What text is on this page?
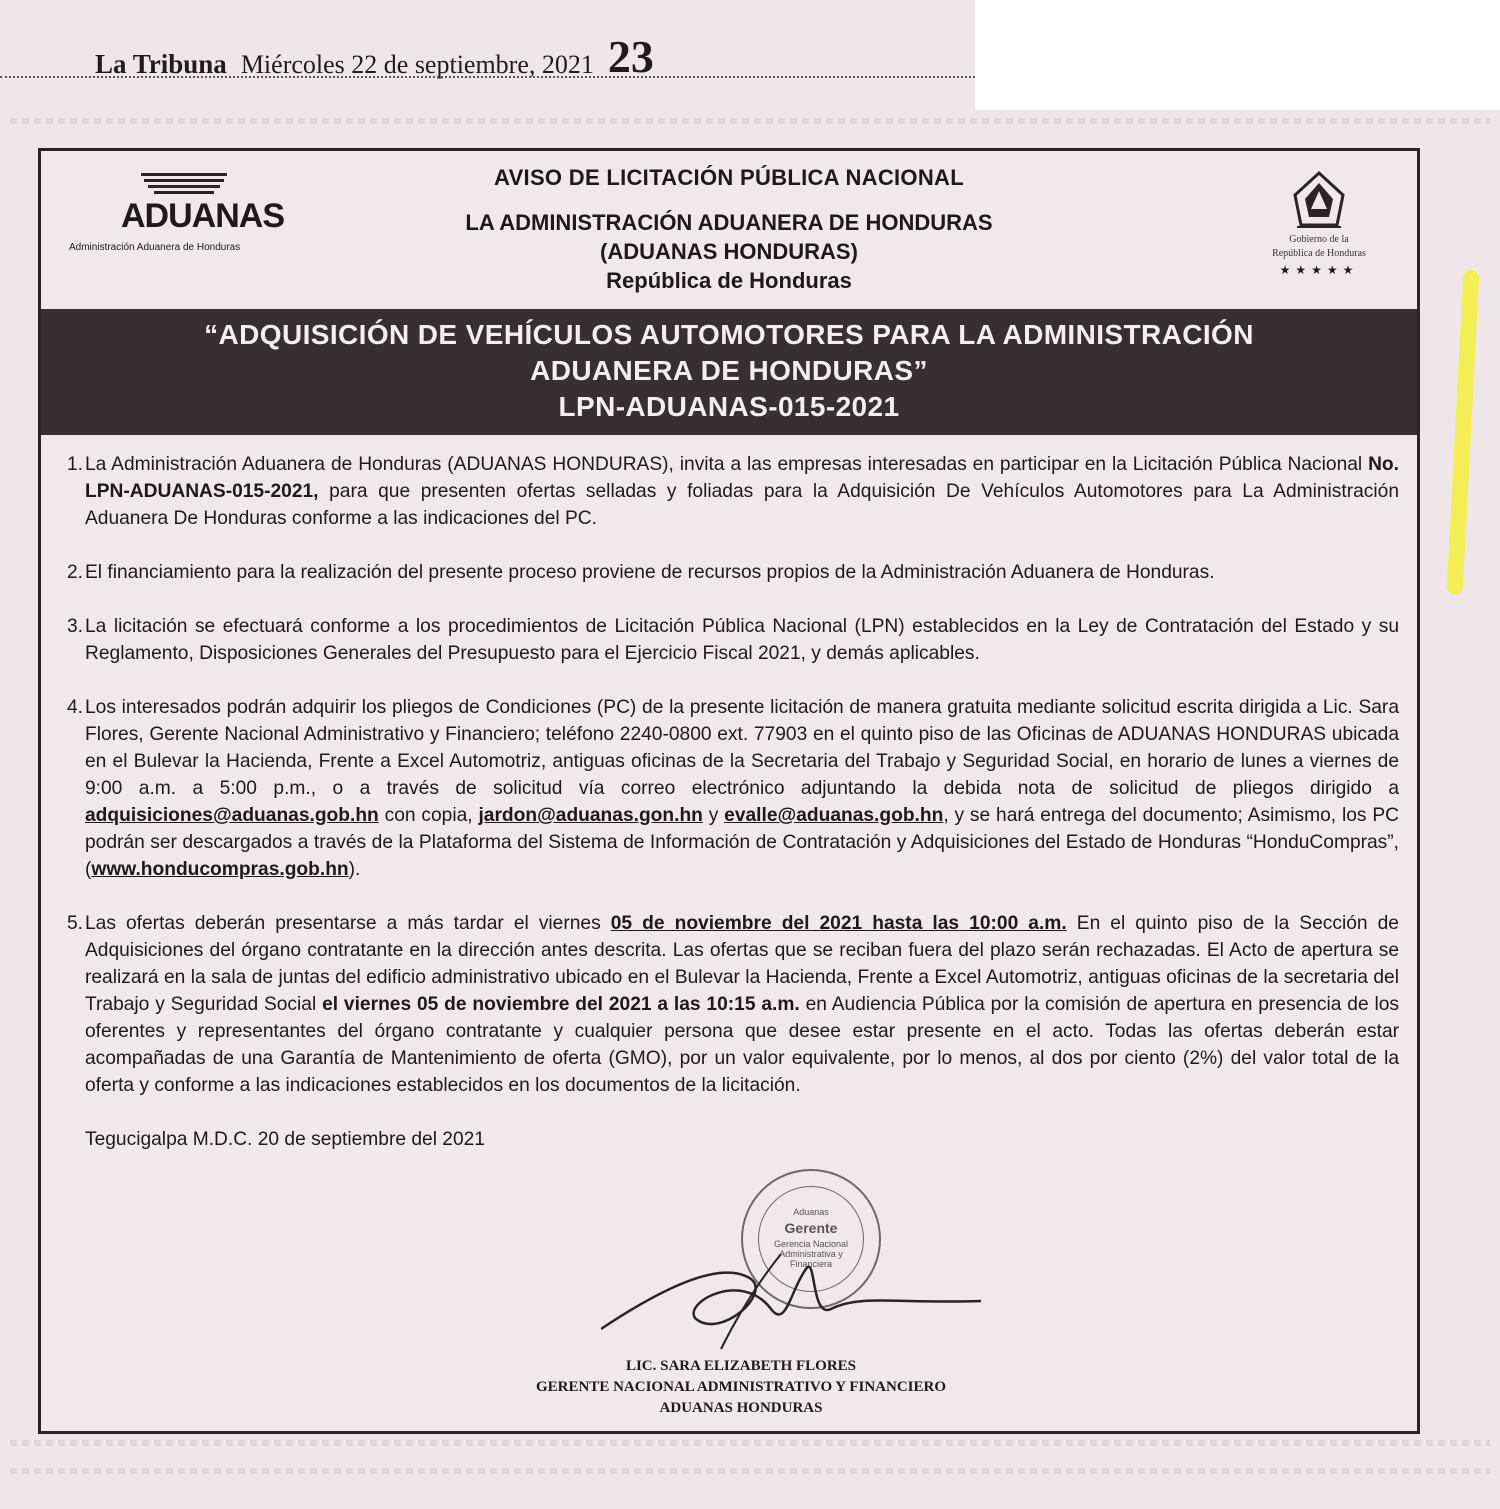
La Tribuna Miércoles 22 de septiembre, 2021 23
ADUANAS
Administración Aduanera de Honduras
AVISO DE LICITACIÓN PÚBLICA NACIONAL
LA ADMINISTRACIÓN ADUANERA DE HONDURAS
(ADUANAS HONDURAS)
República de Honduras
Gobierno de la
República de Honduras
★★★★★
“ADQUISICIÓN DE VEHÍCULOS AUTOMOTORES PARA LA ADMINISTRACIÓN
ADUANERA DE HONDURAS”
LPN-ADUANAS-015-2021
1. La Administración Aduanera de Honduras (ADUANAS HONDURAS), invita a las empresas interesadas en participar en la Licitación Pública Nacional No. LPN-ADUANAS-015-2021, para que presenten ofertas selladas y foliadas para la Adquisición De Vehículos Automotores para La Administración Aduanera De Honduras conforme a las indicaciones del PC.
2. El financiamiento para la realización del presente proceso proviene de recursos propios de la Administración Aduanera de Honduras.
3. La licitación se efectuará conforme a los procedimientos de Licitación Pública Nacional (LPN) establecidos en la Ley de Contratación del Estado y su Reglamento, Disposiciones Generales del Presupuesto para el Ejercicio Fiscal 2021, y demás aplicables.
4. Los interesados podrán adquirir los pliegos de Condiciones (PC) de la presente licitación de manera gratuita mediante solicitud escrita dirigida a Lic. Sara Flores, Gerente Nacional Administrativo y Financiero; teléfono 2240-0800 ext. 77903 en el quinto piso de las Oficinas de ADUANAS HONDURAS ubicada en el Bulevar la Hacienda, Frente a Excel Automotriz, antiguas oficinas de la Secretaria del Trabajo y Seguridad Social, en horario de lunes a viernes de 9:00 a.m. a 5:00 p.m., o a través de solicitud vía correo electrónico adjuntando la debida nota de solicitud de pliegos dirigido a adquisiciones@aduanas.gob.hn con copia, jardon@aduanas.gon.hn y evalle@aduanas.gob.hn, y se hará entrega del documento; Asimismo, los PC podrán ser descargados a través de la Plataforma del Sistema de Información de Contratación y Adquisiciones del Estado de Honduras “HonduCompras”, (www.honducompras.gob.hn).
5. Las ofertas deberán presentarse a más tardar el viernes 05 de noviembre del 2021 hasta las 10:00 a.m. En el quinto piso de la Sección de Adquisiciones del órgano contratante en la dirección antes descrita. Las ofertas que se reciban fuera del plazo serán rechazadas. El Acto de apertura se realizará en la sala de juntas del edificio administrativo ubicado en el Bulevar la Hacienda, Frente a Excel Automotriz, antiguas oficinas de la secretaria del Trabajo y Seguridad Social el viernes 05 de noviembre del 2021 a las 10:15 a.m. en Audiencia Pública por la comisión de apertura en presencia de los oferentes y representantes del órgano contratante y cualquier persona que desee estar presente en el acto. Todas las ofertas deberán estar acompañadas de una Garantía de Mantenimiento de oferta (GMO), por un valor equivalente, por lo menos, al dos por ciento (2%) del valor total de la oferta y conforme a las indicaciones establecidos en los documentos de la licitación.
Tegucigalpa M.D.C. 20 de septiembre del 2021
Aduanas
Gerente
Gerencia Nacional Administrativa y Financiera
LIC. SARA ELIZABETH FLORES
GERENTE NACIONAL ADMINISTRATIVO Y FINANCIERO
ADUANAS HONDURAS
